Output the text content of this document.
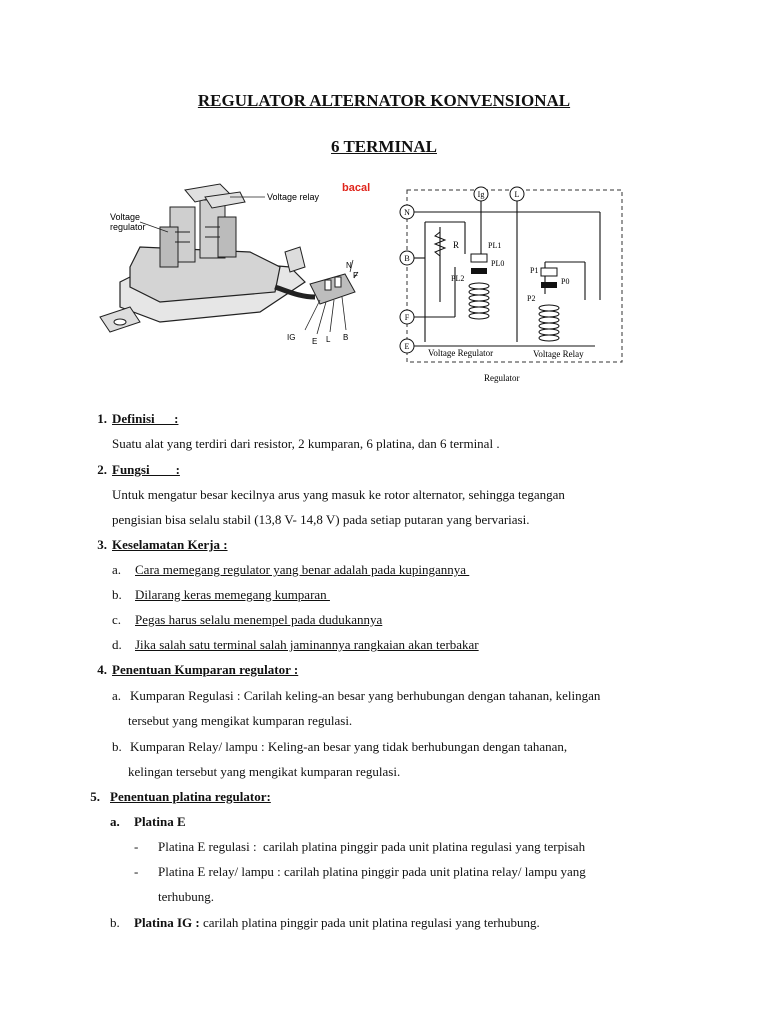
REGULATOR ALTERNATOR KONVENSIONAL
6 TERMINAL
Voltage relay
Voltage
regulator
N
F
IG E L B
bacal
Ig	L
N
B
F
E
R	PL1
PL0
PL2
P1
P0
P2
Voltage Regulator	Voltage Relay
Regulator
1. Definisi      :
Suatu alat yang terdiri dari resistor, 2 kumparan, 6 platina, dan 6 terminal .
2. Fungsi        :
Untuk mengatur besar kecilnya arus yang masuk ke rotor alternator, sehingga tegangan
pengisian bisa selalu stabil (13,8 V- 14,8 V) pada setiap putaran yang bervariasi.
3. Keselamatan Kerja :
a. Cara memegang regulator yang benar adalah pada kupingannya
b. Dilarang keras memegang kumparan
c. Pegas harus selalu menempel pada dudukannya
d. Jika salah satu terminal salah jaminannya rangkaian akan terbakar
4. Penentuan Kumparan regulator :
a. Kumparan Regulasi : Carilah keling-an besar yang berhubungan dengan tahanan, kelingan
tersebut yang mengikat kumparan regulasi.
b. Kumparan Relay/ lampu : Keling-an besar yang tidak berhubungan dengan tahanan,
kelingan tersebut yang mengikat kumparan regulasi.
5. Penentuan platina regulator:
a. Platina E
- Platina E regulasi :  carilah platina pinggir pada unit platina regulasi yang terpisah
- Platina E relay/ lampu : carilah platina pinggir pada unit platina relay/ lampu yang
terhubung.
b. Platina IG : carilah platina pinggir pada unit platina regulasi yang terhubung.
